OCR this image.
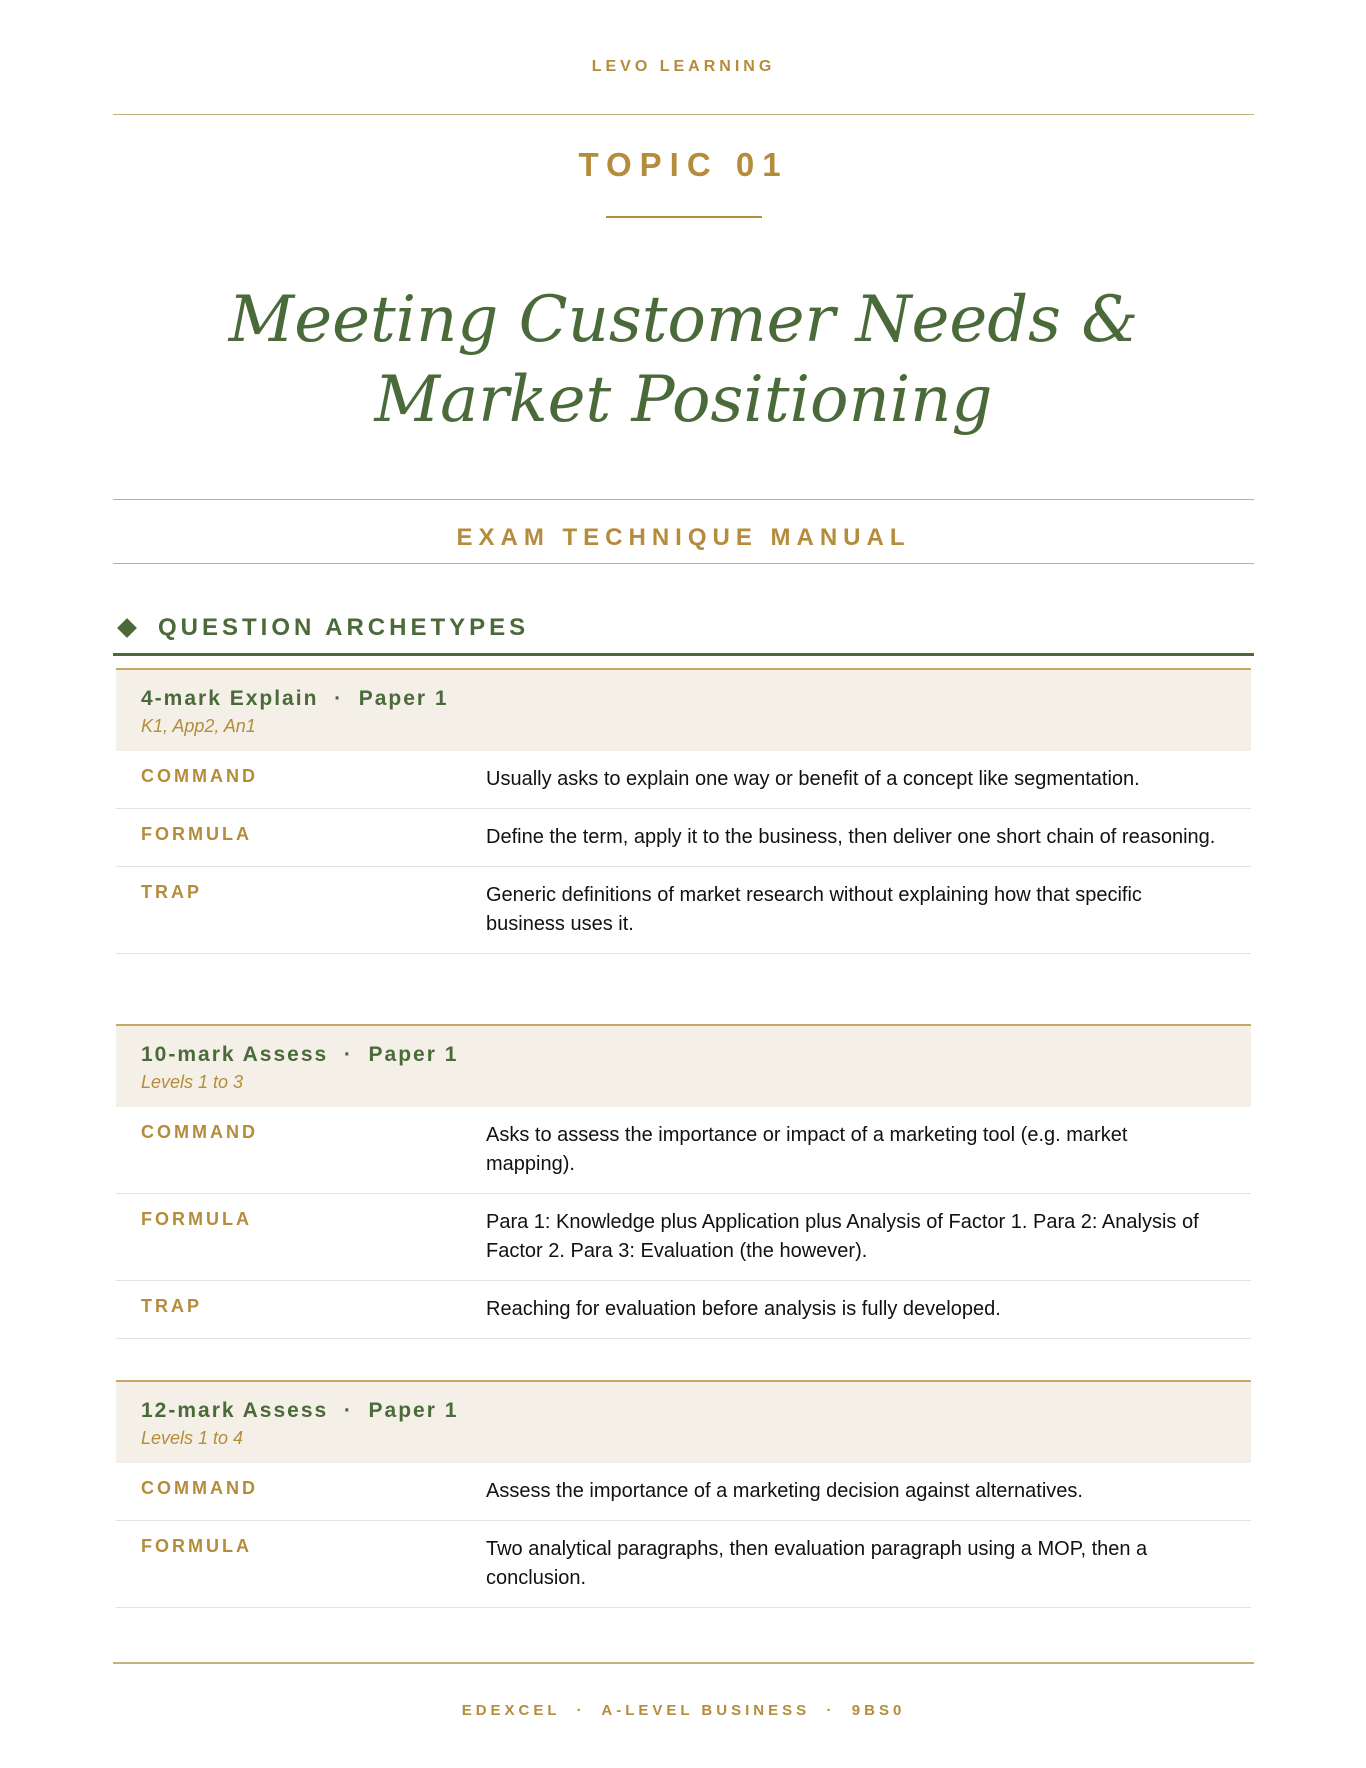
LEVO LEARNING
TOPIC 01
Meeting Customer Needs & Market Positioning
EXAM TECHNIQUE MANUAL
QUESTION ARCHETYPES
4-mark Explain  ·  Paper 1
K1, App2, An1
COMMAND	Usually asks to explain one way or benefit of a concept like segmentation.
FORMULA	Define the term, apply it to the business, then deliver one short chain of reasoning.
TRAP	Generic definitions of market research without explaining how that specific business uses it.
10-mark Assess  ·  Paper 1
Levels 1 to 3
COMMAND	Asks to assess the importance or impact of a marketing tool (e.g. market mapping).
FORMULA	Para 1: Knowledge plus Application plus Analysis of Factor 1. Para 2: Analysis of Factor 2. Para 3: Evaluation (the however).
TRAP	Reaching for evaluation before analysis is fully developed.
12-mark Assess  ·  Paper 1
Levels 1 to 4
COMMAND	Assess the importance of a marketing decision against alternatives.
FORMULA	Two analytical paragraphs, then evaluation paragraph using a MOP, then a conclusion.
EDEXCEL  ·  A-LEVEL BUSINESS  ·  9BS0
